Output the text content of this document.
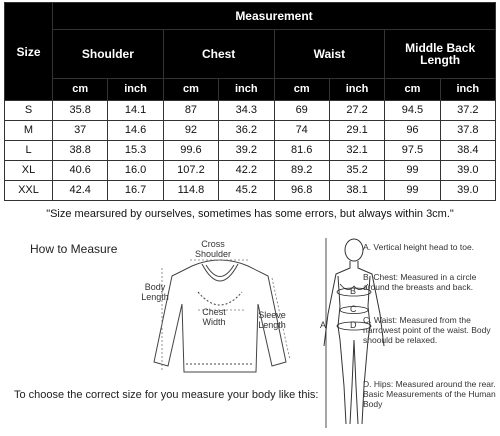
Size	Measurement							
	Shoulder		Chest		Waist		Middle Back Length	
	cm	inch	cm	inch	cm	inch	cm	inch
S	35.8	14.1	87	34.3	69	27.2	94.5	37.2
M	37	14.6	92	36.2	74	29.1	96	37.8
L	38.8	15.3	99.6	39.2	81.6	32.1	97.5	38.4
XL	40.6	16.0	107.2	42.2	89.2	35.2	99	39.0
XXL	42.4	16.7	114.8	45.2	96.8	38.1	99	39.0
"Size mearsured by ourselves, sometimes has some errors, but always within 3cm."
How to Measure	Cross Shoulder
Body Length
Chest Width
Sleeve Length
To choose the correct size for you measure your body like this:
A
B
C
D
A. Vertical height head to toe.
B. Chest: Measured in a circle around the breasts and back.
C. Waist: Measured from the narrowest point of the waist. Body shoould be relaxed.
D. Hips: Measured around the rear. Basic Measurements of the Human Body
